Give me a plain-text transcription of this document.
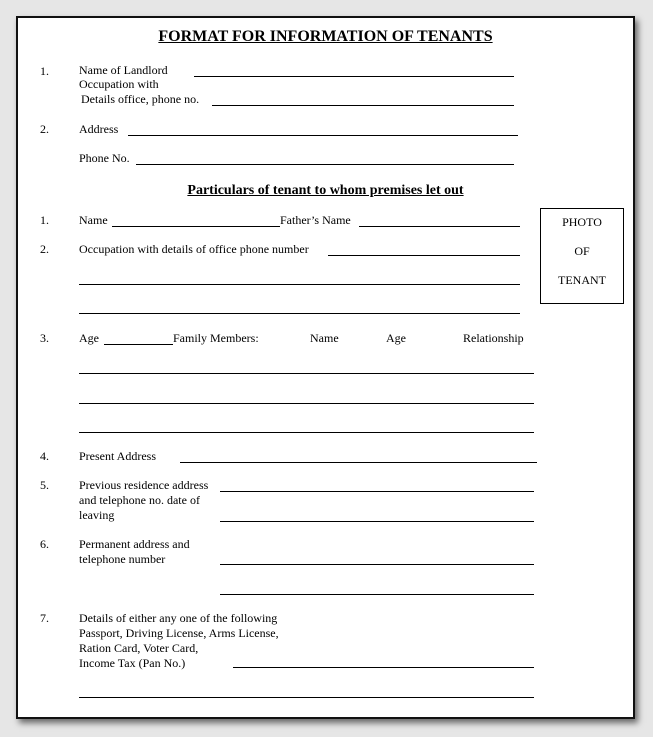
FORMAT FOR INFORMATION OF TENANTS
1.	Name of Landlord
Occupation with
Details office, phone no.
2.	Address
Phone No.
Particulars of tenant to whom premises let out
PHOTO
OF
TENANT
1.	Name	Father’s Name
2.	Occupation with details of office phone number
3.	Age	Family Members:	Name	Age	Relationship
4.	Present Address
5.	Previous residence address
and telephone no. date of
leaving
6.	Permanent address and
telephone number
7.	Details of either any one of the following
Passport, Driving License, Arms License,
Ration Card, Voter Card,
Income Tax (Pan No.)
